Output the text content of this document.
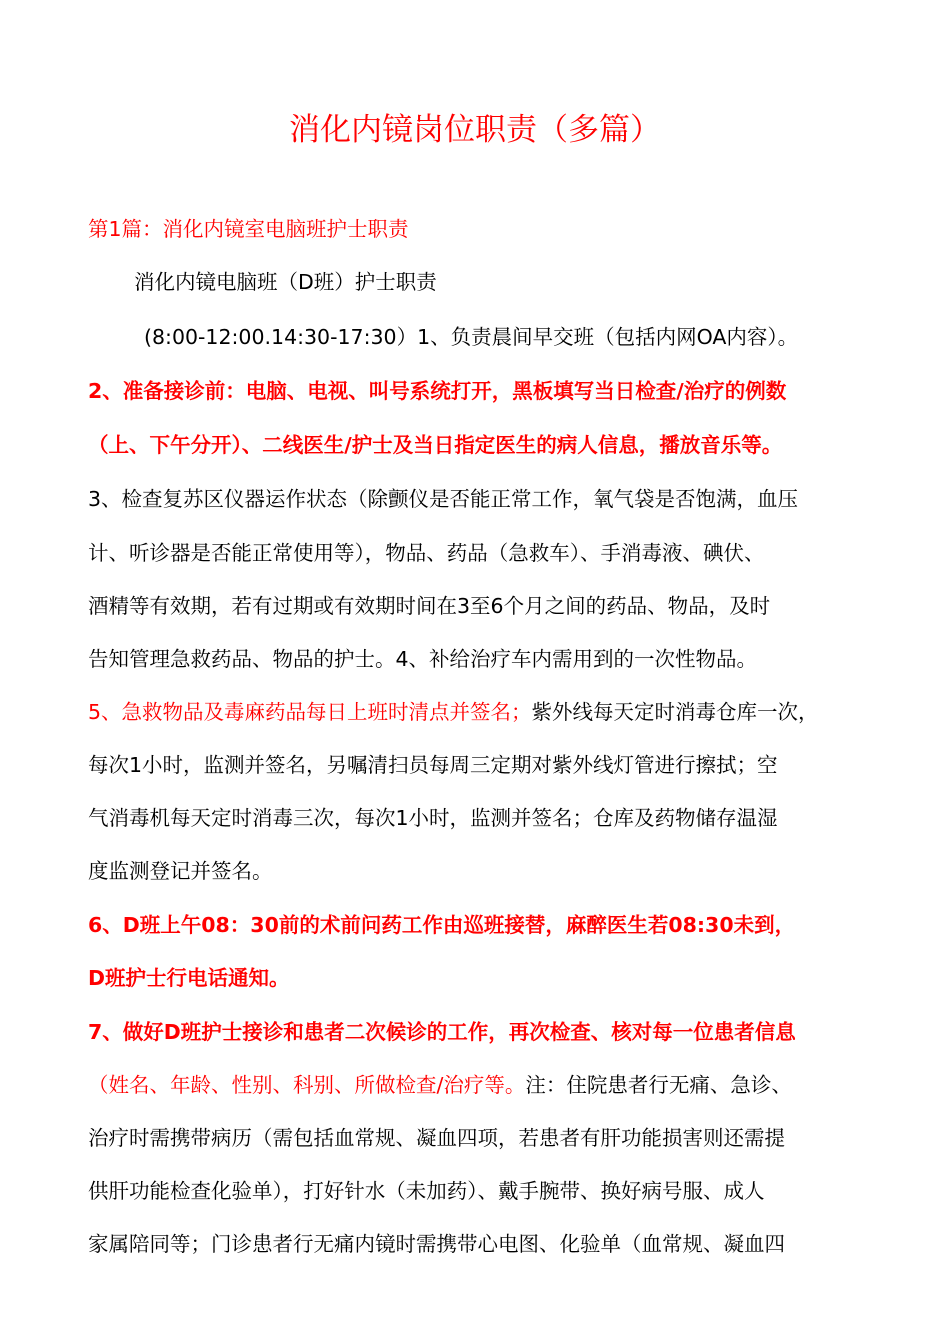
消化内镜岗位职责（多篇）
第1篇：消化内镜室电脑班护士职责
消化内镜电脑班（D班）护士职责
(8:00-12:00.14:30-17:30）1、负责晨间早交班（包括内网OA内容）。
2、准备接诊前：电脑、电视、叫号系统打开，黑板填写当日检查/治疗的例数
（上、下午分开）、二线医生/护士及当日指定医生的病人信息，播放音乐等。
3、检查复苏区仪器运作状态（除颤仪是否能正常工作，氧气袋是否饱满，血压
计、听诊器是否能正常使用等），物品、药品（急救车）、手消毒液、碘伏、
酒精等有效期，若有过期或有效期时间在3至6个月之间的药品、物品，及时
告知管理急救药品、物品的护士。4、补给治疗车内需用到的一次性物品。
5、急救物品及毒麻药品每日上班时清点并签名；紫外线每天定时消毒仓库一次，
每次1小时，监测并签名，另嘱清扫员每周三定期对紫外线灯管进行擦拭；空
气消毒机每天定时消毒三次，每次1小时，监测并签名；仓库及药物储存温湿
度监测登记并签名。
6、D班上午08：30前的术前问药工作由巡班接替，麻醉医生若08:30未到，
D班护士行电话通知。
7、做好D班护士接诊和患者二次候诊的工作，再次检查、核对每一位患者信息
（姓名、年龄、性别、科别、所做检查/治疗等。注：住院患者行无痛、急诊、
治疗时需携带病历（需包括血常规、凝血四项，若患者有肝功能损害则还需提
供肝功能检查化验单），打好针水（未加药）、戴手腕带、换好病号服、成人
家属陪同等；门诊患者行无痛内镜时需携带心电图、化验单（血常规、凝血四
